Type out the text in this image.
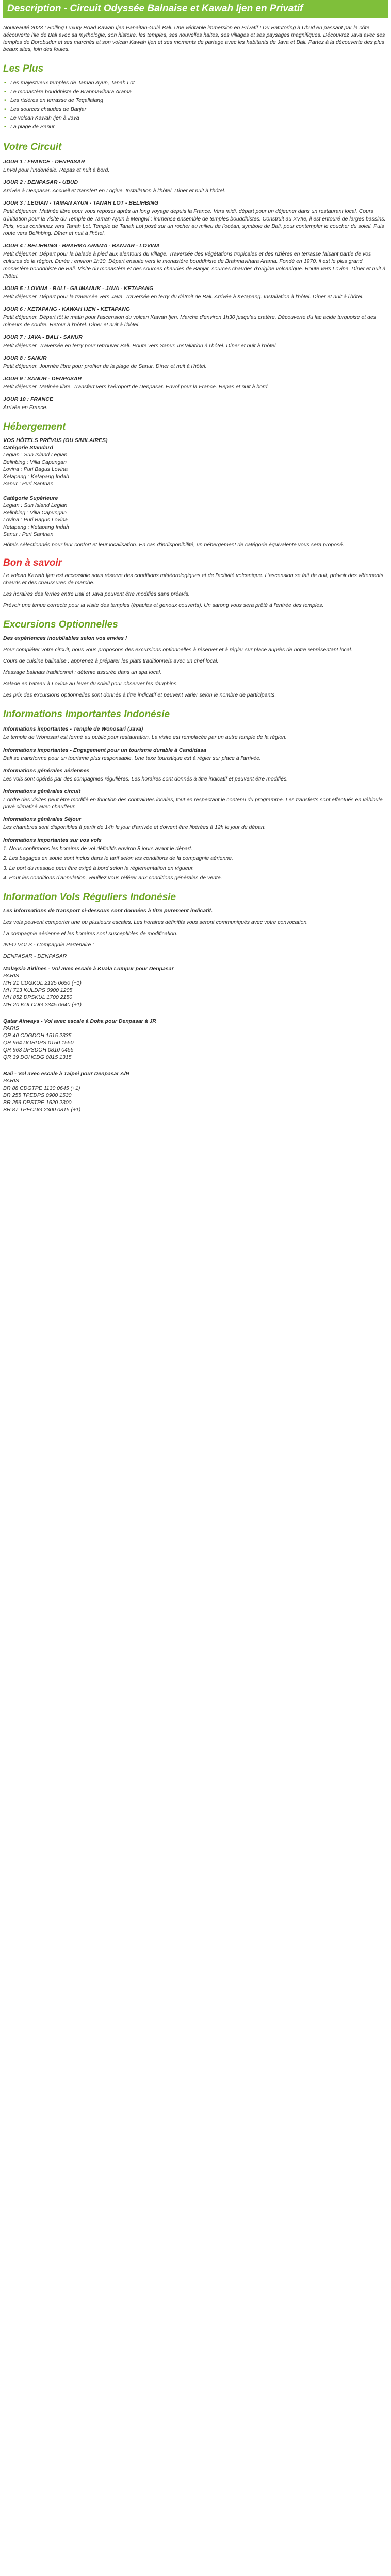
Description - Circuit Odyssée Balnaise et Kawah Ijen en Privatif

Nouveauté 2023 ! Rolling Luxury Road Kawah Ijen Panaitan-Gulé Bali. Une véritable immersion en Privatif ! Du Batutoring à Ubud en passant par la côte découverte l'ile de Bali avec sa mythologie, son histoire, les temples, ses nouvelles haltes, ses villages et ses paysages magnifiques. Découvrez Java avec ses temples de Borobudur et ses marchés et son volcan Kawah Ijen et ses moments de partage avec les habitants de Java et Bali. Partez à la découverte des plus beaux sites, loin des foules.

Les Plus
• Les majestueux temples de Taman Ayun, Tanah Lot
• Le monastère bouddhiste de Brahmavihara Arama
• Les rizières en terrasse de Tegallalang
• Les sources chaudes de Banjar
• Le volcan Kawah Ijen à Java
• La plage de Sanur
Votre Circuit
JOUR 1 : FRANCE - DENPASAR
Envol pour l'Indonésie. Repas et nuit à bord.
JOUR 2 : DENPASAR - UBUD
Arrivée à Denpasar. Accueil et transfert en Logiue. Installation à l'hôtel. Dîner et nuit à l'hôtel.
JOUR 3 : LEGIAN - TAMAN AYUN - TANAH LOT - BELIHBING
Petit déjeuner. Matinée libre pour vous reposer après un long voyage depuis la France. Vers midi, départ pour un déjeuner dans un restaurant local. Cours d'initiation pour la visite du Temple de Taman Ayun à Mengwi : immense ensemble de temples bouddhistes. Construit au XVIIe, il est entouré de larges bassins. Puis, vous continuez vers Tanah Lot. Temple de Tanah Lot posé sur un rocher au milieu de l'océan, symbole de Bali, pour contempler le coucher du soleil. Puis route vers Belihbing. Dîner et nuit à l'hôtel.
JOUR 4 : BELIHBING - BRAHMA ARAMA - BANJAR - LOVINA
Petit déjeuner. Départ pour la balade à pied aux alentours du village. Traversée des végétations tropicales et des rizières en terrasse faisant partie de vos cultures de la région. Durée : environ 1h30. Départ ensuite vers le monastère bouddhiste de Brahmavihara Arama. Fondé en 1970, il est le plus grand monastère bouddhiste de Bali. Visite du monastère et des sources chaudes de Banjar, sources chaudes d'origine volcanique. Route vers Lovina. Dîner et nuit à l'hôtel.
JOUR 5 : LOVINA - BALI - GILIMANUK - JAVA - KETAPANG
Petit déjeuner. Départ pour la traversée vers Java. Traversée en ferry du détroit de Bali. Arrivée à Ketapang. Installation à l'hôtel. Dîner et nuit à l'hôtel.
JOUR 6 : KETAPANG - KAWAH IJEN - KETAPANG
Petit déjeuner. Départ tôt le matin pour l'ascension du volcan Kawah Ijen. Marche d'environ 1h30 jusqu'au cratère. Découverte du lac acide turquoise et des mineurs de soufre. Retour à l'hôtel. Dîner et nuit à l'hôtel.
JOUR 7 : JAVA - BALI - SANUR
Petit déjeuner. Traversée en ferry pour retrouver Bali. Route vers Sanur. Installation à l'hôtel. Dîner et nuit à l'hôtel.
JOUR 8 : SANUR
Petit déjeuner. Journée libre pour profiter de la plage de Sanur. Dîner et nuit à l'hôtel.
JOUR 9 : SANUR - DENPASAR
Petit déjeuner. Matinée libre. Transfert vers l'aéroport de Denpasar. Envol pour la France. Repas et nuit à bord.
JOUR 10 : FRANCE
Arrivée en France.
Hébergement
VOS HÔTELS PRÉVUS (OU SIMILAIRES)
Catégorie Standard
Legian : Sun Island Legian
Belihbing : Villa Capungan
Lovina : Puri Bagus Lovina
Ketapang : Ketapang Indah
Sanur : Puri Santrian

Catégorie Supérieure
Legian : Sun Island Legian
Belihbing : Villa Capungan
Lovina : Puri Bagus Lovina
Ketapang : Ketapang Indah
Sanur : Puri Santrian

Hôtels sélectionnés pour leur confort et leur localisation. En cas d'indisponibilité, un hébergement de catégorie équivalente vous sera proposé.

Bon à savoir

Le volcan Kawah Ijen est accessible sous réserve des conditions météorologiques et de l'activité volcanique. L'ascension se fait de nuit, prévoir des vêtements chauds et des chaussures de marche.

Les horaires des ferries entre Bali et Java peuvent être modifiés sans préavis.

Prévoir une tenue correcte pour la visite des temples (épaules et genoux couverts). Un sarong vous sera prêté à l'entrée des temples.

Excursions Optionnelles

Des expériences inoubliables selon vos envies !

Pour compléter votre circuit, nous vous proposons des excursions optionnelles à réserver et à régler sur place auprès de notre représentant local.

Cours de cuisine balinaise : apprenez à préparer les plats traditionnels avec un chef local.

Massage balinais traditionnel : détente assurée dans un spa local.

Balade en bateau à Lovina au lever du soleil pour observer les dauphins.

Les prix des excursions optionnelles sont donnés à titre indicatif et peuvent varier selon le nombre de participants.

Informations Importantes Indonésie
Informations importantes - Temple de Wonosari (Java)
Le temple de Wonosari est fermé au public pour restauration. La visite est remplacée par un autre temple de la région.
Informations importantes - Engagement pour un tourisme durable à Candidasa
Bali se transforme pour un tourisme plus responsable. Une taxe touristique est à régler sur place à l'arrivée.
Informations générales aériennes
Les vols sont opérés par des compagnies régulières. Les horaires sont donnés à titre indicatif et peuvent être modifiés.
Informations générales circuit
L'ordre des visites peut être modifié en fonction des contraintes locales, tout en respectant le contenu du programme. Les transferts sont effectués en véhicule privé climatisé avec chauffeur.
Informations générales Séjour
Les chambres sont disponibles à partir de 14h le jour d'arrivée et doivent être libérées à 12h le jour du départ.
Informations importantes sur vos vols
1. Nous confirmons les horaires de vol définitifs environ 8 jours avant le départ.
2. Les bagages en soute sont inclus dans le tarif selon les conditions de la compagnie aérienne.
3. Le port du masque peut être exigé à bord selon la réglementation en vigueur.
4. Pour les conditions d'annulation, veuillez vous référer aux conditions générales de vente.
Information Vols Réguliers Indonésie

Les informations de transport ci-dessous sont données à titre purement indicatif.

Les vols peuvent comporter une ou plusieurs escales. Les horaires définitifs vous seront communiqués avec votre convocation.

La compagnie aérienne et les horaires sont susceptibles de modification.

INFO VOLS - Compagnie Partenaire :
DENPASAR - DENPASAR
Malaysia Airlines - Vol avec escale à Kuala Lumpur pour Denpasar
PARIS
MH 21 CDGKUL 2125 0650 (+1)
MH 713 KULDPS 0900 1205
MH 852 DPSKUL 1700 2150
MH 20 KULCDG 2345 0640 (+1)
Qatar Airways - Vol avec escale à Doha pour Denpasar à JR
PARIS
QR 40 CDGDOH 1515 2335
QR 964 DOHDPS 0150 1550
QR 963 DPSDOH 0810 0455
QR 39 DOHCDG 0815 1315
Bali - Vol avec escale à Taipei pour Denpasar A/R
PARIS
BR 88 CDGTPE 1130 0645 (+1)
BR 255 TPEDPS 0900 1530
BR 256 DPSTPE 1620 2300
BR 87 TPECDG 2300 0815 (+1)
